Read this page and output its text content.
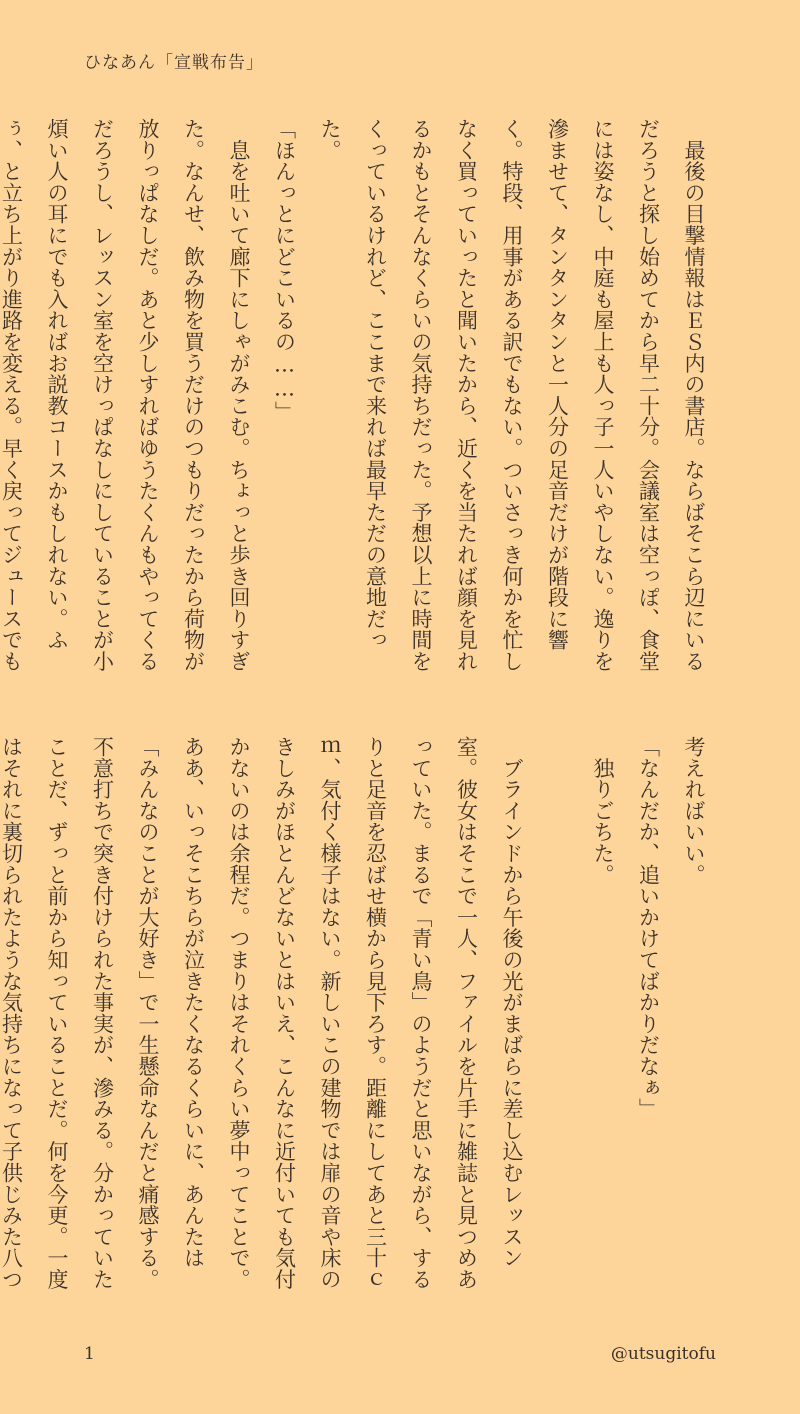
ひなあん「宣戦布告」

　最後の目撃情報はＥＳ内の書店。ならばそこら辺にいるだろうと探し始めてから早二十分。会議室は空っぽ、食堂には姿なし、中庭も屋上も人っ子一人いやしない。逸りを滲ませて、タンタンタンと一人分の足音だけが階段に響く。特段、用事がある訳でもない。ついさっき何かを忙しなく買っていったと聞いたから、近くを当たれば顔を見れるかもとそんなくらいの気持ちだった。予想以上に時間をくっているけれど、ここまで来れば最早ただの意地だった。

「ほんっとにどこいるの……」

　息を吐いて廊下にしゃがみこむ。ちょっと歩き回りすぎた。なんせ、飲み物を買うだけのつもりだったから荷物が放りっぱなしだ。あと少しすればゆうたくんもやってくるだろうし、レッスン室を空けっぱなしにしていることが小煩い人の耳にでも入ればお説教コースかもしれない。ふぅ、と立ち上がり進路を変える。早く戻ってジュースでも

考えればいい。

「なんだか、追いかけてばかりだなぁ」

　独りごちた。

　ブラインドから午後の光がまばらに差し込むレッスン室。彼女はそこで一人、ファイルを片手に雑誌と見つめあっていた。まるで「青い鳥」のようだと思いながら、するりと足音を忍ばせ横から見下ろす。距離にしてあと三十ｃｍ、気付く様子はない。新しいこの建物では扉の音や床のきしみがほとんどないとはいえ、こんなに近付いても気付かないのは余程だ。つまりはそれくらい夢中ってことで。ああ、いっそこちらが泣きたくなるくらいに、あんたは「みんなのことが大好き」で一生懸命なんだと痛感する。不意打ちで突き付けられた事実が、滲みる。分かっていたことだ、ずっと前から知っていることだ。何を今更。一度はそれに裏切られたような気持ちになって子供じみた八つ

1	@utsugitofu
